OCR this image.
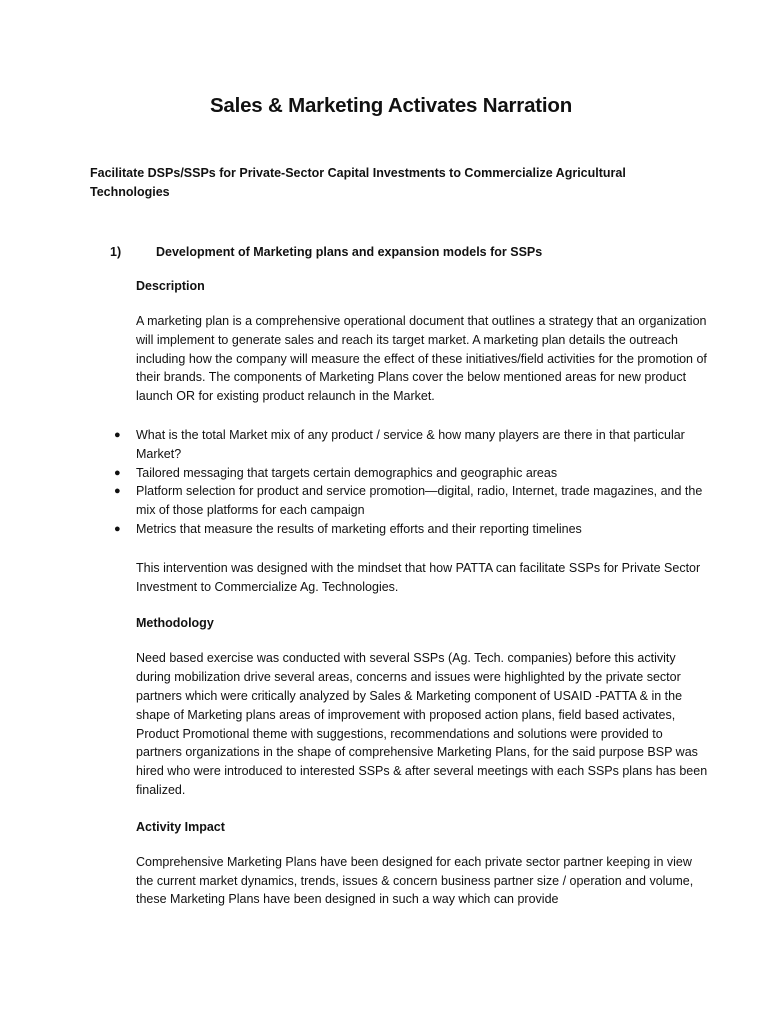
Sales & Marketing Activates Narration
Facilitate DSPs/SSPs for Private-Sector Capital Investments to Commercialize Agricultural Technologies
1)	Development of Marketing plans and expansion models for SSPs
Description

A marketing plan is a comprehensive operational document that outlines a strategy that an organization will implement to generate sales and reach its target market. A marketing plan details the outreach including how the company will measure the effect of these initiatives/field activities for the promotion of their brands. The components of Marketing Plans cover the below mentioned areas for new product launch OR for existing product relaunch in the Market.

●	What is the total Market mix of any product / service & how many players are there in that particular Market?
●	Tailored messaging that targets certain demographics and geographic areas
●	Platform selection for product and service promotion—digital, radio, Internet, trade magazines, and the mix of those platforms for each campaign
●	Metrics that measure the results of marketing efforts and their reporting timelines

This intervention was designed with the mindset that how PATTA can facilitate SSPs for Private Sector Investment to Commercialize Ag. Technologies.

Methodology

Need based exercise was conducted with several SSPs (Ag. Tech. companies) before this activity during mobilization drive several areas, concerns and issues were highlighted by the private sector partners which were critically analyzed by Sales & Marketing component of USAID -PATTA & in the shape of Marketing plans areas of improvement with proposed action plans, field based activates, Product Promotional theme with suggestions, recommendations and solutions were provided to partners organizations in the shape of comprehensive Marketing Plans, for the said purpose BSP was hired who were introduced to interested SSPs & after several meetings with each SSPs plans has been finalized.

Activity Impact

Comprehensive Marketing Plans have been designed for each private sector partner keeping in view the current market dynamics, trends, issues & concern business partner size / operation and volume, these Marketing Plans have been designed in such a way which can provide
